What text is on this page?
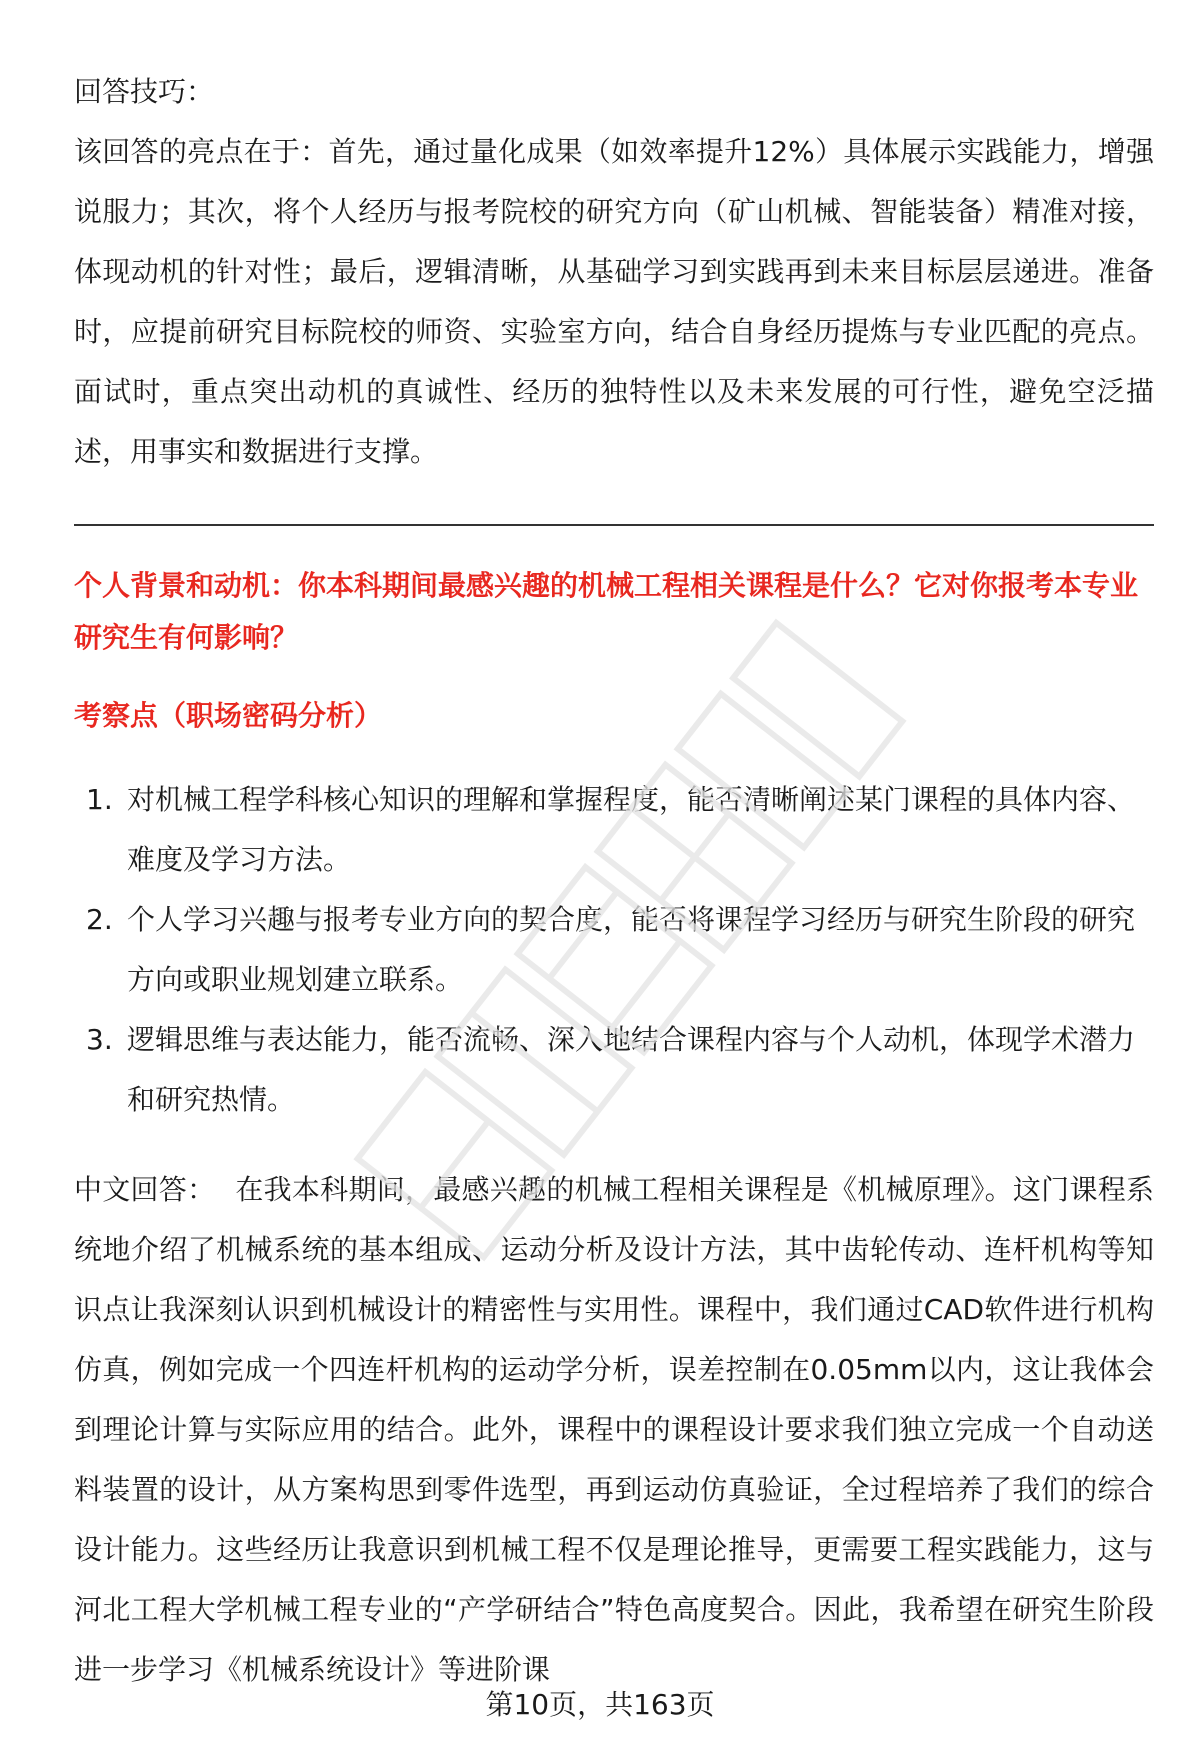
回答技巧：

该回答的亮点在于：首先，通过量化成果（如效率提升12%）具体展示实践能力，增强说服力；其次，将个人经历与报考院校的研究方向（矿山机械、智能装备）精准对接，体现动机的针对性；最后，逻辑清晰，从基础学习到实践再到未来目标层层递进。准备时，应提前研究目标院校的师资、实验室方向，结合自身经历提炼与专业匹配的亮点。面试时，重点突出动机的真诚性、经历的独特性以及未来发展的可行性，避免空泛描述，用事实和数据进行支撑。

个人背景和动机：你本科期间最感兴趣的机械工程相关课程是什么？它对你报考本专业研究生有何影响？

考察点（职场密码分析）

1. 对机械工程学科核心知识的理解和掌握程度，能否清晰阐述某门课程的具体内容、难度及学习方法。
2. 个人学习兴趣与报考专业方向的契合度，能否将课程学习经历与研究生阶段的研究方向或职业规划建立联系。
3. 逻辑思维与表达能力，能否流畅、深入地结合课程内容与个人动机，体现学术潜力和研究热情。

中文回答： 在我本科期间，最感兴趣的机械工程相关课程是《机械原理》。这门课程系统地介绍了机械系统的基本组成、运动分析及设计方法，其中齿轮传动、连杆机构等知识点让我深刻认识到机械设计的精密性与实用性。课程中，我们通过CAD软件进行机构仿真，例如完成一个四连杆机构的运动学分析，误差控制在0.05mm以内，这让我体会到理论计算与实际应用的结合。此外，课程中的课程设计要求我们独立完成一个自动送料装置的设计，从方案构思到零件选型，再到运动仿真验证，全过程培养了我们的综合设计能力。这些经历让我意识到机械工程不仅是理论推导，更需要工程实践能力，这与河北工程大学机械工程专业的“产学研结合”特色高度契合。因此，我希望在研究生阶段进一步学习《机械系统设计》等进阶课

第10页，共163页
